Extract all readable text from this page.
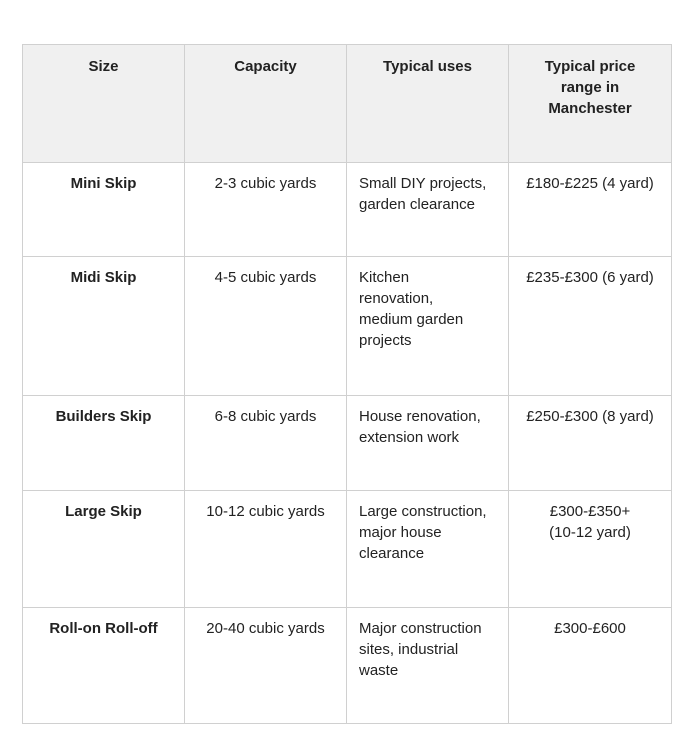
Size	Capacity	Typical uses	Typical price range in Manchester
Mini Skip	2-3 cubic yards	Small DIY projects, garden clearance	£180-£225 (4 yard)
Midi Skip	4-5 cubic yards	Kitchen renovation, medium garden projects	£235-£300 (6 yard)
Builders Skip	6-8 cubic yards	House renovation, extension work	£250-£300 (8 yard)
Large Skip	10-12 cubic yards	Large construction, major house clearance	£300-£350+ (10-12 yard)
Roll-on Roll-off	20-40 cubic yards	Major construction sites, industrial waste	£300-£600
